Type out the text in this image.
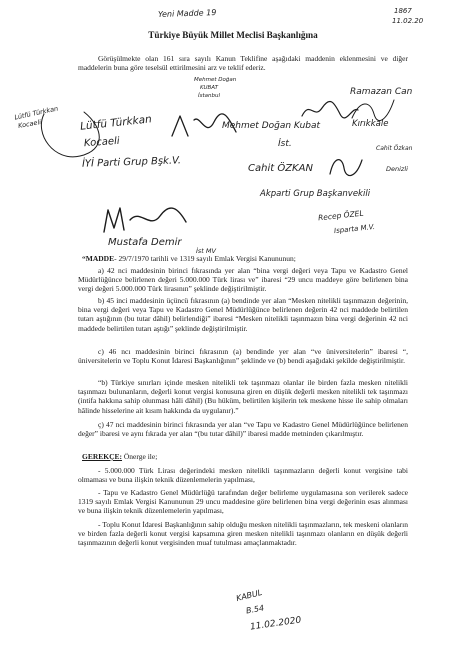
Yeni Madde 19	1867
11.02.20
Türkiye Büyük Millet Meclisi Başkanlığına
Görüşülmekte olan 161 sıra sayılı Kanun Teklifine aşağıdaki maddenin eklenmesini ve diğer maddelerin buna göre teselsül ettirilmesini arz ve teklif ederiz.
Lütfü Türkkan
Kocaeli
Mehmet Doğan
KUBAT
İstanbul	Ramazan Can
Kırıkkale
Lütfü Türkkan
Kocaeli
İYİ Parti Grup Bşk.V.
Mehmet Doğan Kubat
İst.	Cahit Özkan
Denizli
Cahit ÖZKAN
Akparti Grup Başkanvekili
Recep ÖZEL
Isparta M.V.
Mustafa Demir
İst MV
“MADDE- 29/7/1970 tarihli ve 1319 sayılı Emlak Vergisi Kanununun;
a) 42 nci maddesinin birinci fıkrasında yer alan “bina vergi değeri veya Tapu ve Kadastro Genel Müdürlüğünce belirlenen değeri 5.000.000 Türk lirası ve” ibaresi “29 uncu maddeye göre belirlenen bina vergi değeri 5.000.000 Türk lirasının” şeklinde değiştirilmiştir.
b) 45 inci maddesinin üçüncü fıkrasının (a) bendinde yer alan “Mesken nitelikli taşınmazın değerinin, bina vergi değeri veya Tapu ve Kadastro Genel Müdürlüğünce belirlenen değerin 42 nci maddede belirtilen tutarı aştığının (bu tutar dâhil) belirlendiği” ibaresi “Mesken nitelikli taşınmazın bina vergi değerinin 42 nci maddede belirtilen tutarı aştığı” şeklinde değiştirilmiştir.
c) 46 ncı maddesinin birinci fıkrasının (a) bendinde yer alan “ve üniversitelerin” ibaresi “, üniversitelerin ve Toplu Konut İdaresi Başkanlığının” şeklinde ve (b) bendi aşağıdaki şekilde değiştirilmiştir.
“b) Türkiye sınırları içinde mesken nitelikli tek taşınmazı olanlar ile birden fazla mesken nitelikli taşınmazı bulunanların, değerli konut vergisi konusuna giren en düşük değerli mesken nitelikli tek taşınmazı (intifa hakkına sahip olunması hâli dâhil) (Bu hüküm, belirtilen kişilerin tek meskene hisse ile sahip olmaları hâlinde hisselerine ait kısım hakkında da uygulanır).”
ç) 47 nci maddesinin birinci fıkrasında yer alan “ve Tapu ve Kadastro Genel Müdürlüğünce belirlenen değer” ibaresi ve aynı fıkrada yer alan “(bu tutar dâhil)” ibaresi madde metninden çıkarılmıştır.
GEREKÇE: Önerge ile;
- 5.000.000 Türk Lirası değerindeki mesken nitelikli taşınmazların değerli konut vergisine tabi olmaması ve buna ilişkin teknik düzenlemelerin yapılması,
- Tapu ve Kadastro Genel Müdürlüğü tarafından değer belirleme uygulamasına son verilerek sadece 1319 sayılı Emlak Vergisi Kanununun 29 uncu maddesine göre belirlenen bina vergi değerinin esas alınması ve buna ilişkin teknik düzenlemelerin yapılması,
- Toplu Konut İdaresi Başkanlığının sahip olduğu mesken nitelikli taşınmazların, tek meskeni olanların ve birden fazla değerli konut vergisi kapsamına giren mesken nitelikli taşınmazı olanların en düşük değerli taşınmazının değerli konut vergisinden muaf tutulması amaçlanmaktadır.
KABUL
B.54
11.02.2020
